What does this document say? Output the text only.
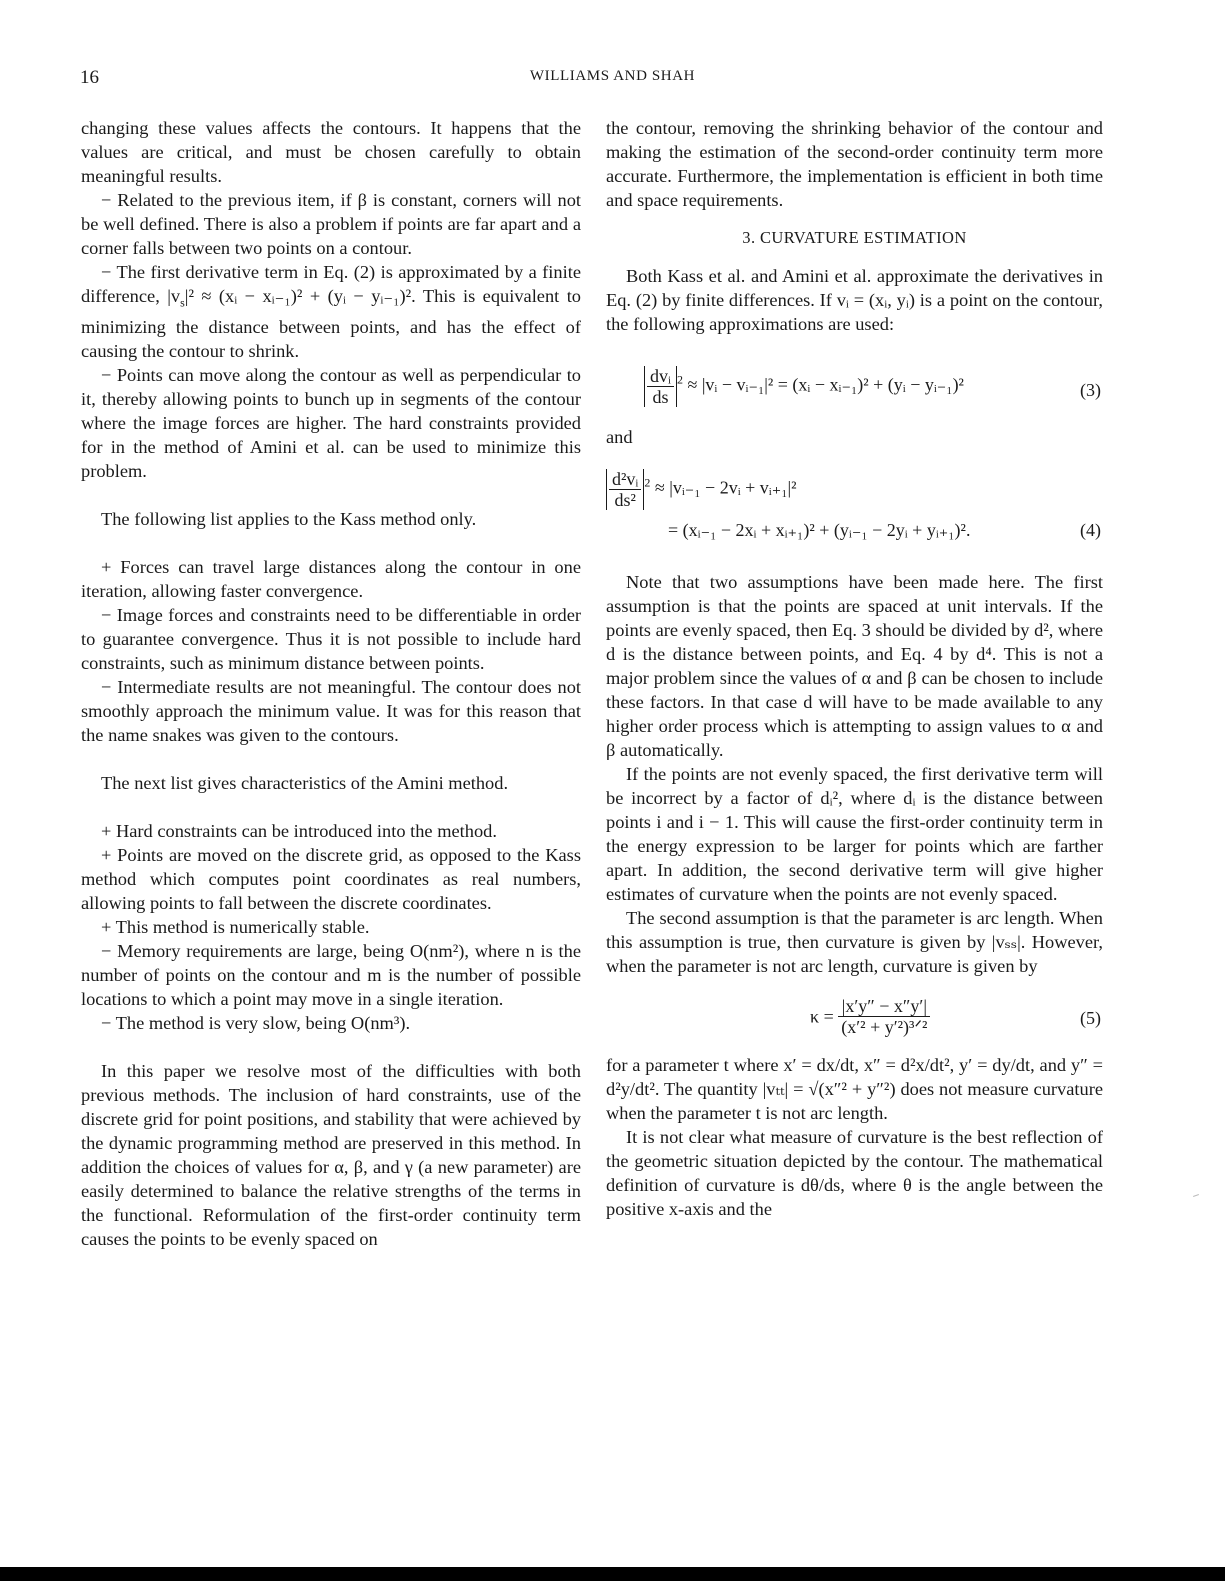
16	WILLIAMS AND SHAH

changing these values affects the contours. It happens that the values are critical, and must be chosen carefully to obtain meaningful results.

− Related to the previous item, if β is constant, corners will not be well defined. There is also a problem if points are far apart and a corner falls between two points on a contour.

− The first derivative term in Eq. (2) is approximated by a finite difference, $|v_s|^2$ ≈ (xᵢ − xᵢ₋₁)² + (yᵢ − yᵢ₋₁)². This is equivalent to minimizing the distance between points, and has the effect of causing the contour to shrink.

− Points can move along the contour as well as perpendicular to it, thereby allowing points to bunch up in segments of the contour where the image forces are higher. The hard constraints provided for in the method of Amini et al. can be used to minimize this problem.

The following list applies to the Kass method only.

+ Forces can travel large distances along the contour in one iteration, allowing faster convergence.

− Image forces and constraints need to be differentiable in order to guarantee convergence. Thus it is not possible to include hard constraints, such as minimum distance between points.

− Intermediate results are not meaningful. The contour does not smoothly approach the minimum value. It was for this reason that the name snakes was given to the contours.

The next list gives characteristics of the Amini method.

+ Hard constraints can be introduced into the method.

+ Points are moved on the discrete grid, as opposed to the Kass method which computes point coordinates as real numbers, allowing points to fall between the discrete coordinates.

+ This method is numerically stable.

− Memory requirements are large, being O(nm²), where n is the number of points on the contour and m is the number of possible locations to which a point may move in a single iteration.

− The method is very slow, being O(nm³).

In this paper we resolve most of the difficulties with both previous methods. The inclusion of hard constraints, use of the discrete grid for point positions, and stability that were achieved by the dynamic programming method are preserved in this method. In addition the choices of values for α, β, and γ (a new parameter) are easily determined to balance the relative strengths of the terms in the functional. Reformulation of the first-order continuity term causes the points to be evenly spaced on

the contour, removing the shrinking behavior of the contour and making the estimation of the second-order continuity term more accurate. Furthermore, the implementation is efficient in both time and space requirements.

3. CURVATURE ESTIMATION

Both Kass et al. and Amini et al. approximate the derivatives in Eq. (2) by finite differences. If vᵢ = (xᵢ, yᵢ) is a point on the contour, the following approximations are used:

$\frac{\text{dvᵢ}}{ds} ^2$ ≈ |vᵢ − vᵢ₋₁|² = (xᵢ − xᵢ₋₁)² + (yᵢ − yᵢ₋₁)²	(3)

and

$\frac{\text{d²vᵢ}}{\text{ds²}} ^2$ ≈ |vᵢ₋₁ − 2vᵢ + vᵢ₊₁|²
= (xᵢ₋₁ − 2xᵢ + xᵢ₊₁)² + (yᵢ₋₁ − 2yᵢ + yᵢ₊₁)².	(4)

Note that two assumptions have been made here. The first assumption is that the points are spaced at unit intervals. If the points are evenly spaced, then Eq. 3 should be divided by d², where d is the distance between points, and Eq. 4 by d⁴. This is not a major problem since the values of α and β can be chosen to include these factors. In that case d will have to be made available to any higher order process which is attempting to assign values to α and β automatically.

If the points are not evenly spaced, the first derivative term will be incorrect by a factor of dᵢ², where dᵢ is the distance between points i and i − 1. This will cause the first-order continuity term in the energy expression to be larger for points which are farther apart. In addition, the second derivative term will give higher estimates of curvature when the points are not evenly spaced.

The second assumption is that the parameter is arc length. When this assumption is true, then curvature is given by |vₛₛ|. However, when the parameter is not arc length, curvature is given by

$\kappa = \frac{|x'y'' - x''y'|}{\text{(x′² + y′²)³ᐟ²}}$	(5)

for a parameter t where x′ = dx/dt, x″ = d²x/dt², y′ = dy/dt, and y″ = d²y/dt². The quantity |vₜₜ| = √(x″² + y″²) does not measure curvature when the parameter t is not arc length.

It is not clear what measure of curvature is the best reflection of the geometric situation depicted by the contour. The mathematical definition of curvature is dθ/ds, where θ is the angle between the positive x-axis and the
